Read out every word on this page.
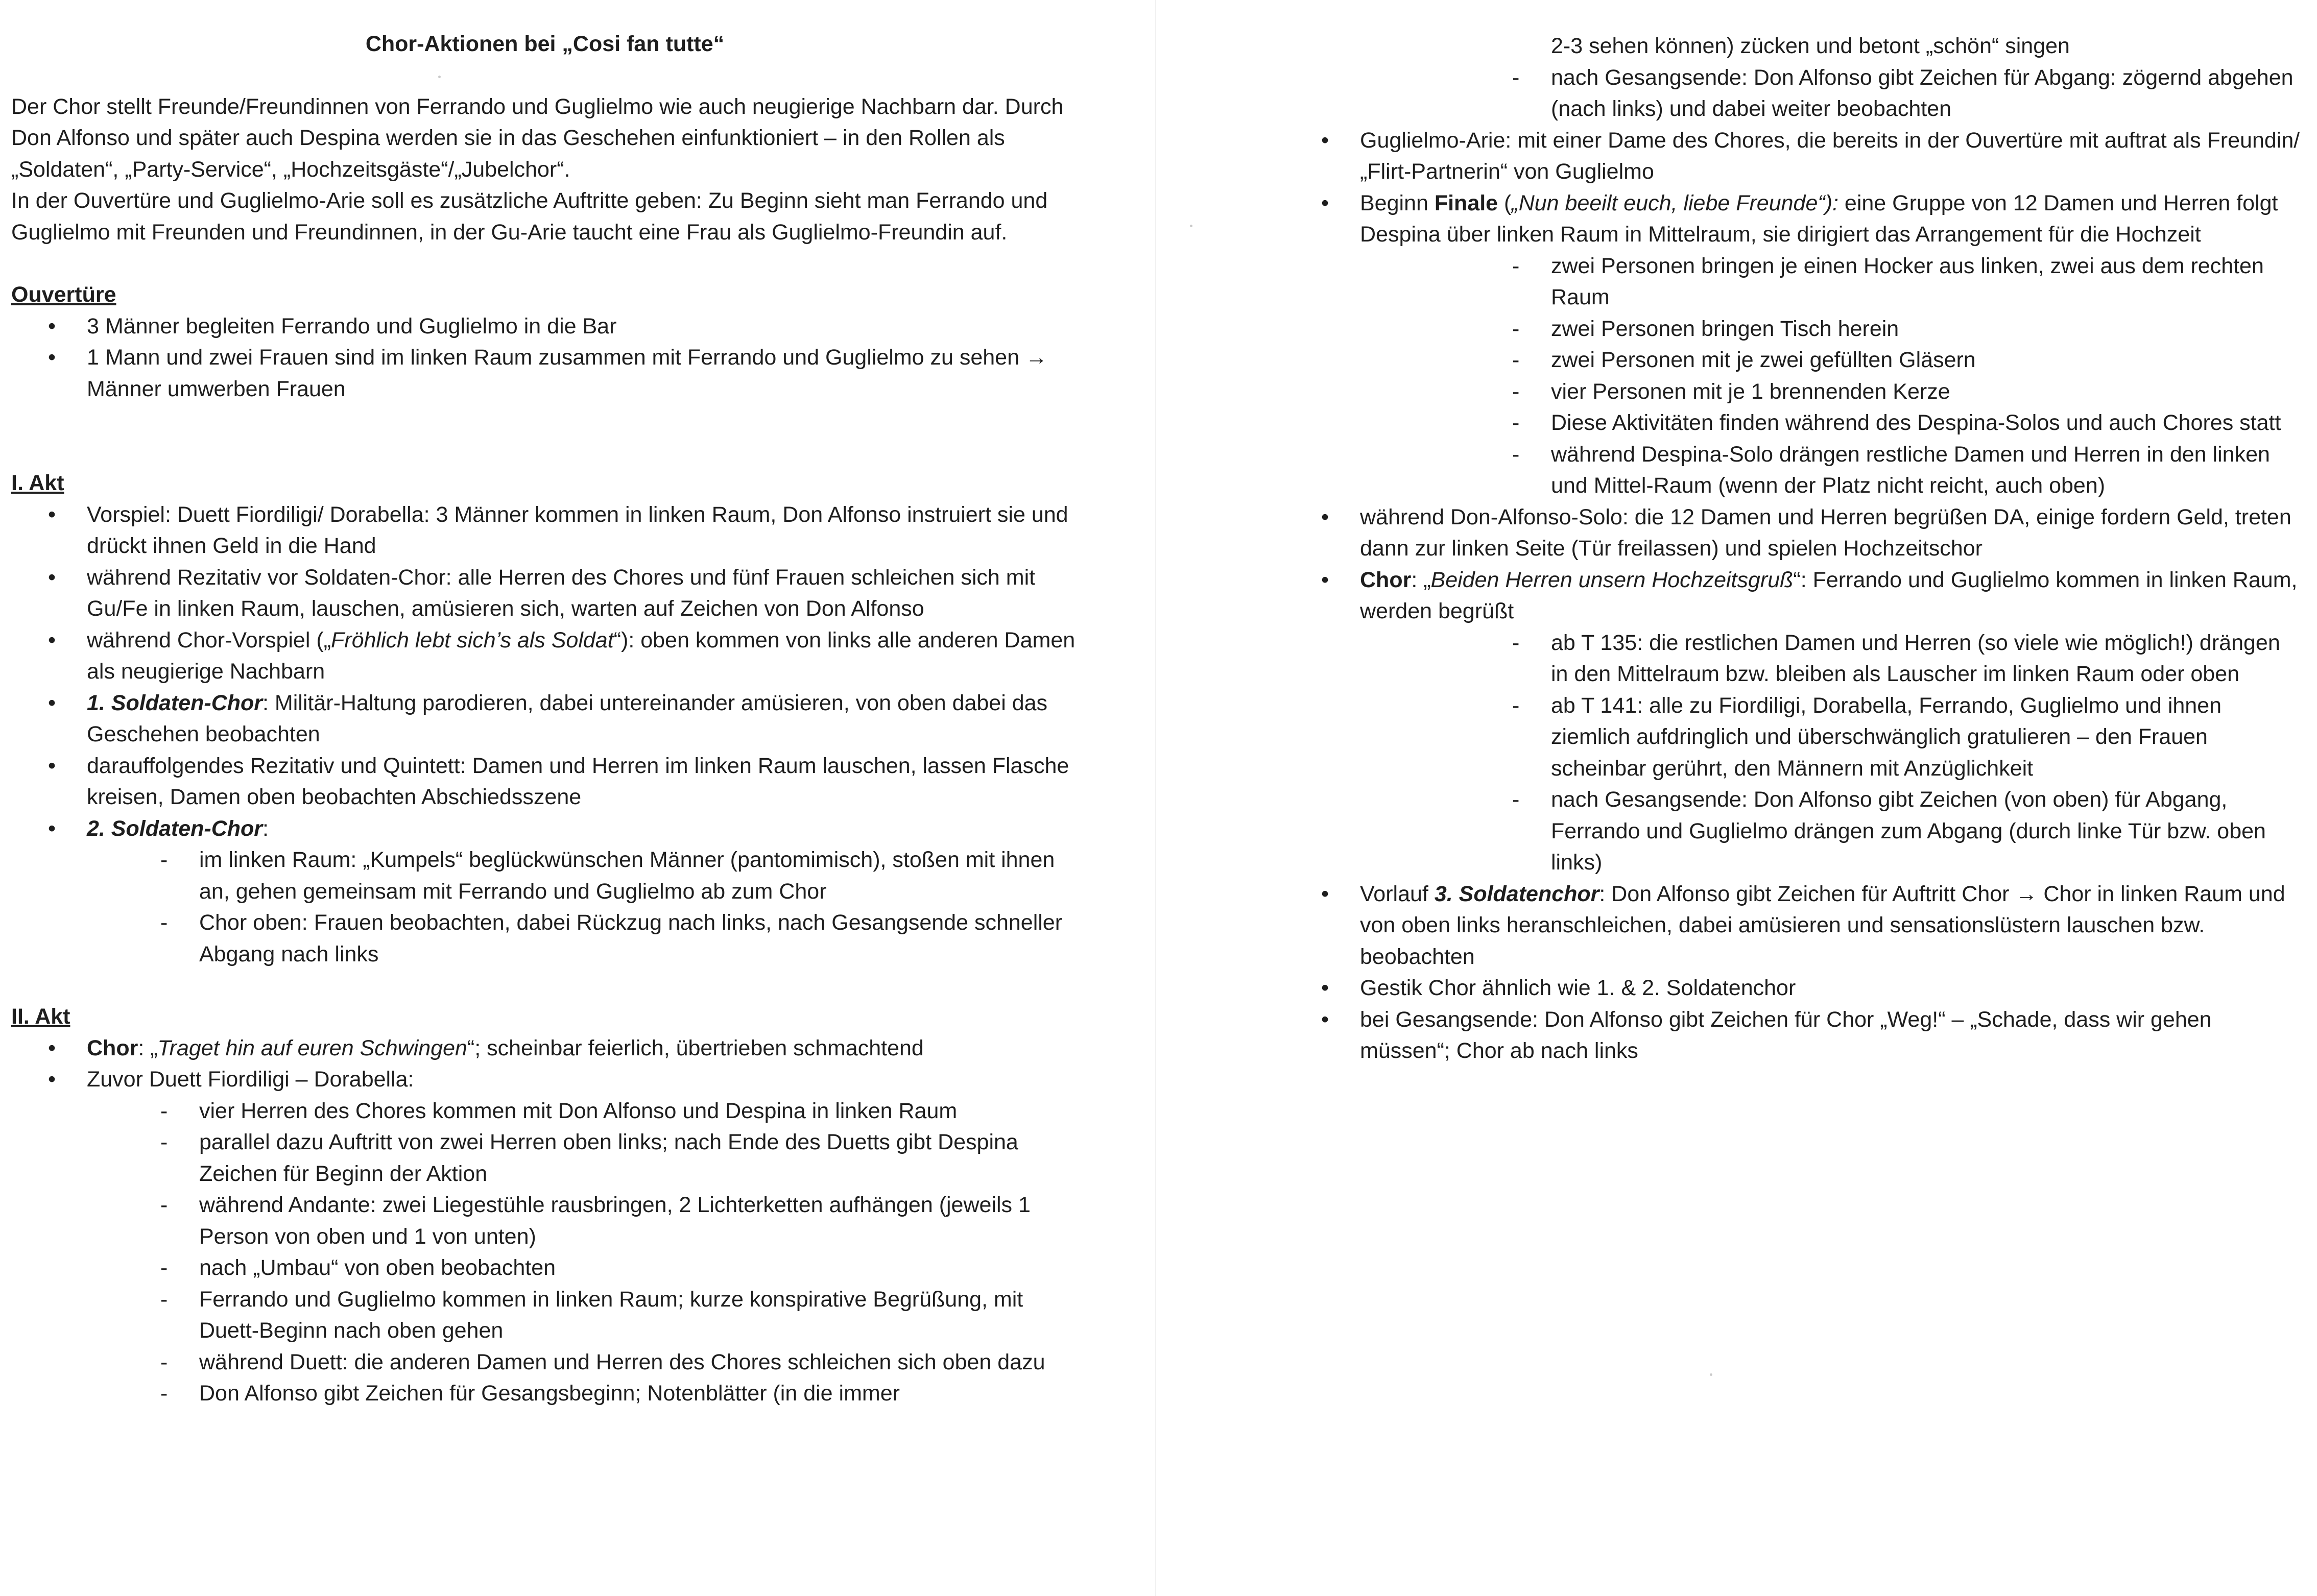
Chor-Aktionen bei „Cosi fan tutte“

Der Chor stellt Freunde/Freundinnen von Ferrando und Guglielmo wie auch neugierige Nachbarn dar. Durch Don Alfonso und später auch Despina werden sie in das Geschehen einfunktioniert – in den Rollen als „Soldaten“, „Party-Service“, „Hochzeitsgäste“/„Jubelchor“.

In der Ouvertüre und Guglielmo-Arie soll es zusätzliche Auftritte geben: Zu Beginn sieht man Ferrando und Guglielmo mit Freunden und Freundinnen, in der Gu-Arie taucht eine Frau als Guglielmo-Freundin auf.

Ouvertüre

• 3 Männer begleiten Ferrando und Guglielmo in die Bar
• 1 Mann und zwei Frauen sind im linken Raum zusammen mit Ferrando und Guglielmo zu sehen → Männer umwerben Frauen

I. Akt

• Vorspiel: Duett Fiordiligi/ Dorabella: 3 Männer kommen in linken Raum, Don Alfonso instruiert sie und drückt ihnen Geld in die Hand
• während Rezitativ vor Soldaten-Chor: alle Herren des Chores und fünf Frauen schleichen sich mit Gu/Fe in linken Raum, lauschen, amüsieren sich, warten auf Zeichen von Don Alfonso
• während Chor-Vorspiel („Fröhlich lebt sich’s als Soldat“): oben kommen von links alle anderen Damen als neugierige Nachbarn
• 1. Soldaten-Chor: Militär-Haltung parodieren, dabei untereinander amüsieren, von oben dabei das Geschehen beobachten
• darauffolgendes Rezitativ und Quintett: Damen und Herren im linken Raum lauschen, lassen Flasche kreisen, Damen oben beobachten Abschiedsszene
• 2. Soldaten-Chor:
- im linken Raum: „Kumpels“ beglückwünschen Männer (pantomimisch), stoßen mit ihnen an, gehen gemeinsam mit Ferrando und Guglielmo ab zum Chor
- Chor oben: Frauen beobachten, dabei Rückzug nach links, nach Gesangsende schneller Abgang nach links

II. Akt

• Chor: „Traget hin auf euren Schwingen“; scheinbar feierlich, übertrieben schmachtend
• Zuvor Duett Fiordiligi – Dorabella:
- vier Herren des Chores kommen mit Don Alfonso und Despina in linken Raum
- parallel dazu Auftritt von zwei Herren oben links; nach Ende des Duetts gibt Despina Zeichen für Beginn der Aktion
- während Andante: zwei Liegestühle rausbringen, 2 Lichterketten aufhängen (jeweils 1 Person von oben und 1 von unten)
- nach „Umbau“ von oben beobachten
- Ferrando und Guglielmo kommen in linken Raum; kurze konspirative Begrüßung, mit Duett-Beginn nach oben gehen
- während Duett: die anderen Damen und Herren des Chores schleichen sich oben dazu
- Don Alfonso gibt Zeichen für Gesangsbeginn; Notenblätter (in die immer

2-3 sehen können) zücken und betont „schön“ singen

- nach Gesangsende: Don Alfonso gibt Zeichen für Abgang: zögernd abgehen (nach links) und dabei weiter beobachten
• Guglielmo-Arie: mit einer Dame des Chores, die bereits in der Ouvertüre mit auftrat als Freundin/„Flirt-Partnerin“ von Guglielmo
• Beginn Finale („Nun beeilt euch, liebe Freunde“): eine Gruppe von 12 Damen und Herren folgt Despina über linken Raum in Mittelraum, sie dirigiert das Arrangement für die Hochzeit
- zwei Personen bringen je einen Hocker aus linken, zwei aus dem rechten Raum
- zwei Personen bringen Tisch herein
- zwei Personen mit je zwei gefüllten Gläsern
- vier Personen mit je 1 brennenden Kerze
- Diese Aktivitäten finden während des Despina-Solos und auch Chores statt
- während Despina-Solo drängen restliche Damen und Herren in den linken und Mittel-Raum (wenn der Platz nicht reicht, auch oben)
• während Don-Alfonso-Solo: die 12 Damen und Herren begrüßen DA, einige fordern Geld, treten dann zur linken Seite (Tür freilassen) und spielen Hochzeitschor
• Chor: „Beiden Herren unsern Hochzeitsgruß“: Ferrando und Guglielmo kommen in linken Raum, werden begrüßt
- ab T 135: die restlichen Damen und Herren (so viele wie möglich!) drängen in den Mittelraum bzw. bleiben als Lauscher im linken Raum oder oben
- ab T 141: alle zu Fiordiligi, Dorabella, Ferrando, Guglielmo und ihnen ziemlich aufdringlich und überschwänglich gratulieren – den Frauen scheinbar gerührt, den Männern mit Anzüglichkeit
- nach Gesangsende: Don Alfonso gibt Zeichen (von oben) für Abgang, Ferrando und Guglielmo drängen zum Abgang (durch linke Tür bzw. oben links)
• Vorlauf 3. Soldatenchor: Don Alfonso gibt Zeichen für Auftritt Chor → Chor in linken Raum und von oben links heranschleichen, dabei amüsieren und sensationslüstern lauschen bzw. beobachten
• Gestik Chor ähnlich wie 1. & 2. Soldatenchor
• bei Gesangsende: Don Alfonso gibt Zeichen für Chor „Weg!“ – „Schade, dass wir gehen müssen“; Chor ab nach links
